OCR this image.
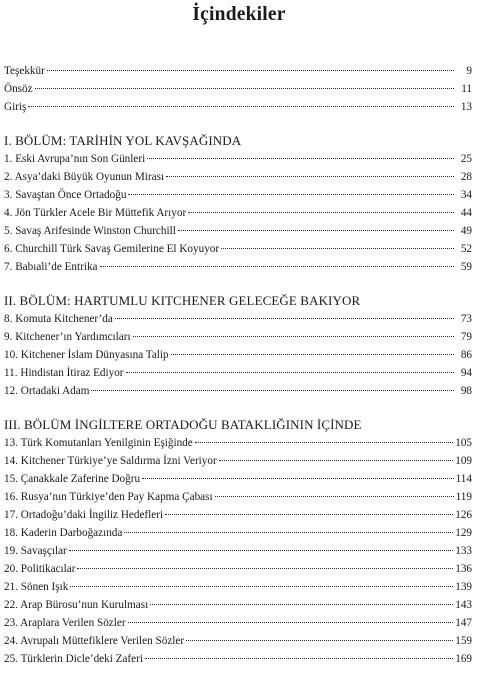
İçindekiler
Teşekkür	9
Önsöz	11
Giriş	13
I. BÖLÜM: TARİHİN YOL KAVŞAĞINDA
1. Eski Avrupa’nın Son Günleri	25
2. Asya’daki Büyük Oyunun Mirası	28
3. Savaştan Önce Ortadoğu	34
4. Jön Türkler Acele Bir Müttefik Arıyor	44
5. Savaş Arifesinde Winston Churchill	49
6. Churchill Türk Savaş Gemilerine El Koyuyor	52
7. Babıali’de Entrika	59
II. BÖLÜM: HARTUMLU KITCHENER GELECEĞE BAKIYOR
8. Komuta Kitchener’da	73
9. Kitchener’ın Yardımcıları	79
10. Kitchener İslam Dünyasına Talip	86
11. Hindistan İtiraz Ediyor	94
12. Ortadaki Adam	98
III. BÖLÜM İNGİLTERE ORTADOĞU BATAKLIĞININ İÇİNDE
13. Türk Komutanları Yenilginin Eşiğinde	105
14. Kitchener Türkiye’ye Saldırma İzni Veriyor	109
15. Çanakkale Zaferine Doğru	114
16. Rusya’nın Türkiye’den Pay Kapma Çabası	119
17. Ortadoğu’daki İngiliz Hedefleri	126
18. Kaderin Darboğazında	129
19. Savaşçılar	133
20. Politikacılar	136
21. Sönen Işık	139
22. Arap Bürosu’nun Kurulması	143
23. Araplara Verilen Sözler	147
24. Avrupalı Müttefiklere Verilen Sözler	159
25. Türklerin Dicle’deki Zaferi	169
